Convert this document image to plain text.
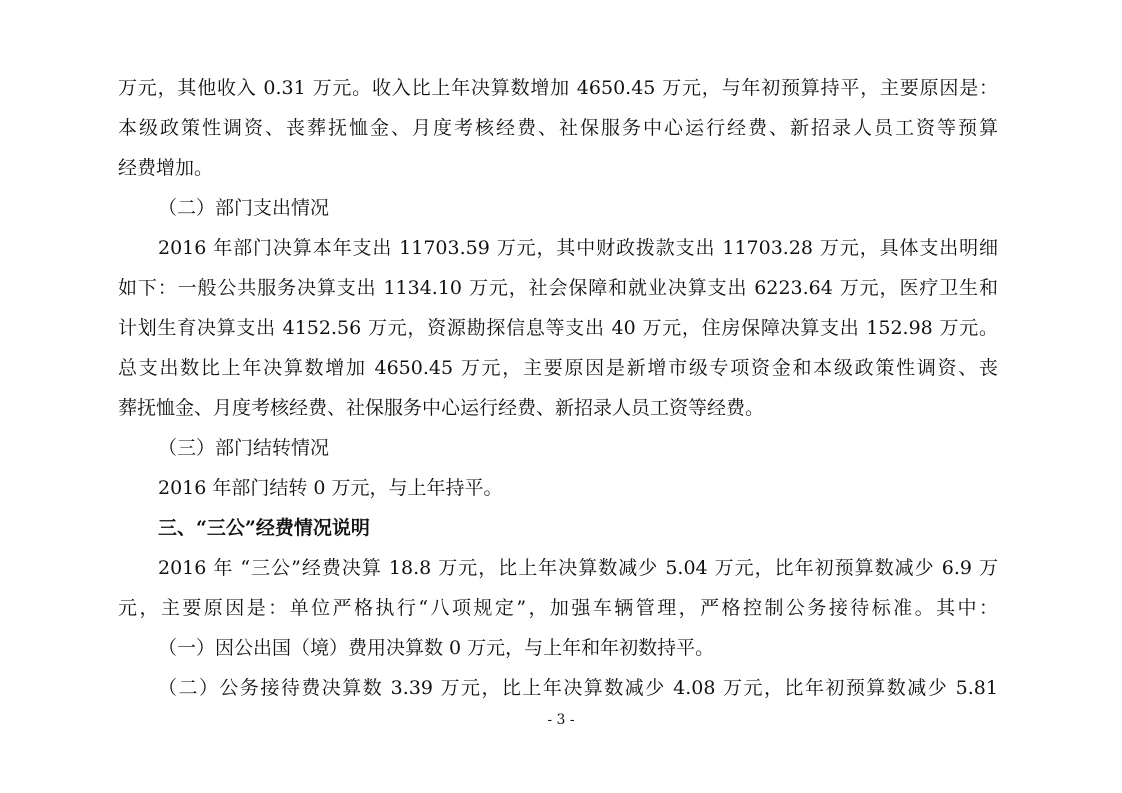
万元，其他收入 0.31 万元。收入比上年决算数增加 4650.45 万元，与年初预算持平，主要原因是：
本级政策性调资、丧葬抚恤金、月度考核经费、社保服务中心运行经费、新招录人员工资等预算
经费增加。
（二）部门支出情况
2016 年部门决算本年支出 11703.59 万元，其中财政拨款支出 11703.28 万元，具体支出明细
如下：一般公共服务决算支出 1134.10 万元，社会保障和就业决算支出 6223.64 万元，医疗卫生和
计划生育决算支出 4152.56 万元，资源勘探信息等支出 40 万元，住房保障决算支出 152.98 万元。
总支出数比上年决算数增加 4650.45 万元，主要原因是新增市级专项资金和本级政策性调资、丧
葬抚恤金、月度考核经费、社保服务中心运行经费、新招录人员工资等经费。
（三）部门结转情况
2016 年部门结转 0 万元，与上年持平。
三、“三公”经费情况说明
2016 年 “三公”经费决算 18.8 万元，比上年决算数减少 5.04 万元，比年初预算数减少 6.9 万
元，主要原因是：单位严格执行“八项规定”，加强车辆管理，严格控制公务接待标准。其中：
（一）因公出国（境）费用决算数 0 万元，与上年和年初数持平。
（二）公务接待费决算数 3.39 万元，比上年决算数减少 4.08 万元，比年初预算数减少 5.81
- 3 -
